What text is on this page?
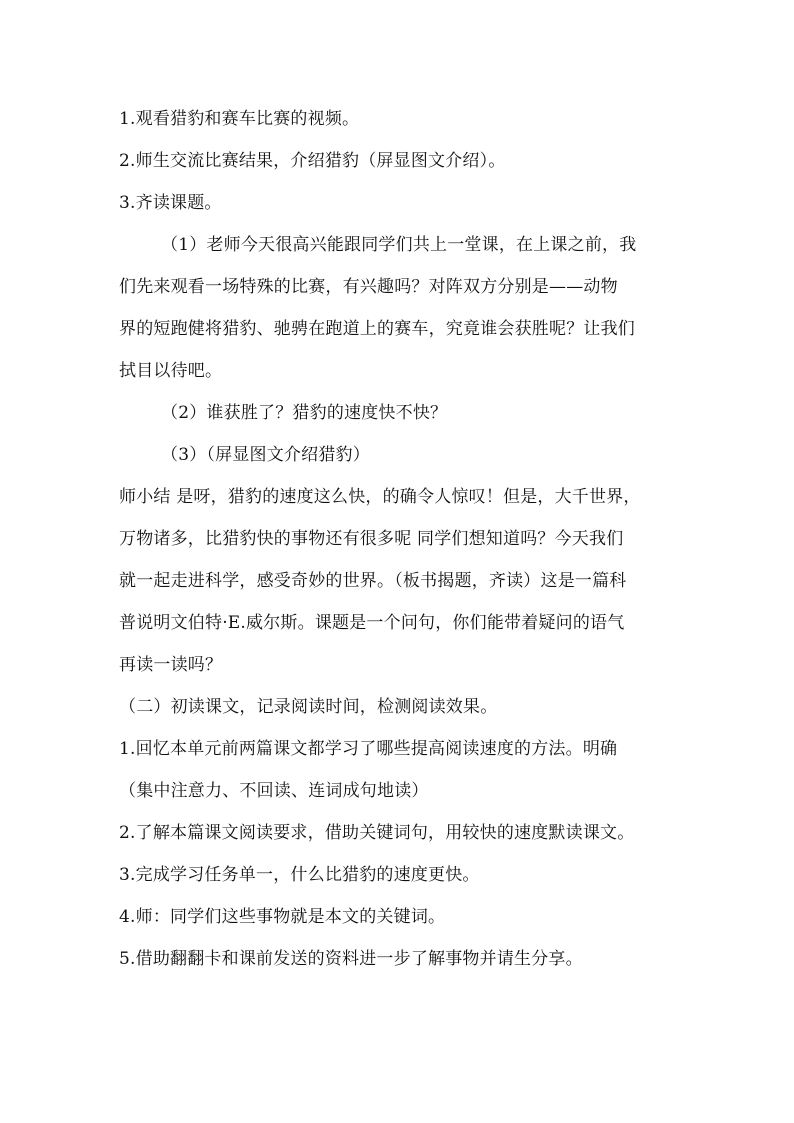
1.观看猎豹和赛车比赛的视频。
2.师生交流比赛结果，介绍猎豹（屏显图文介绍）。
3.齐读课题。
（1）老师今天很高兴能跟同学们共上一堂课，在上课之前，我
们先来观看一场特殊的比赛，有兴趣吗？对阵双方分别是——动物
界的短跑健将猎豹、驰骋在跑道上的赛车，究竟谁会获胜呢？让我们
拭目以待吧。
（2）谁获胜了？猎豹的速度快不快？
（3）（屏显图文介绍猎豹）
师小结 是呀，猎豹的速度这么快，的确令人惊叹！但是，大千世界，
万物诸多，比猎豹快的事物还有很多呢 同学们想知道吗？今天我们
就一起走进科学，感受奇妙的世界。（板书揭题，齐读）这是一篇科
普说明文伯特·E.威尔斯。课题是一个问句，你们能带着疑问的语气
再读一读吗？
（二）初读课文，记录阅读时间，检测阅读效果。
1.回忆本单元前两篇课文都学习了哪些提高阅读速度的方法。明确
（集中注意力、不回读、连词成句地读）
2.了解本篇课文阅读要求，借助关键词句，用较快的速度默读课文。
3.完成学习任务单一，什么比猎豹的速度更快。
4.师：同学们这些事物就是本文的关键词。
5.借助翻翻卡和课前发送的资料进一步了解事物并请生分享。
